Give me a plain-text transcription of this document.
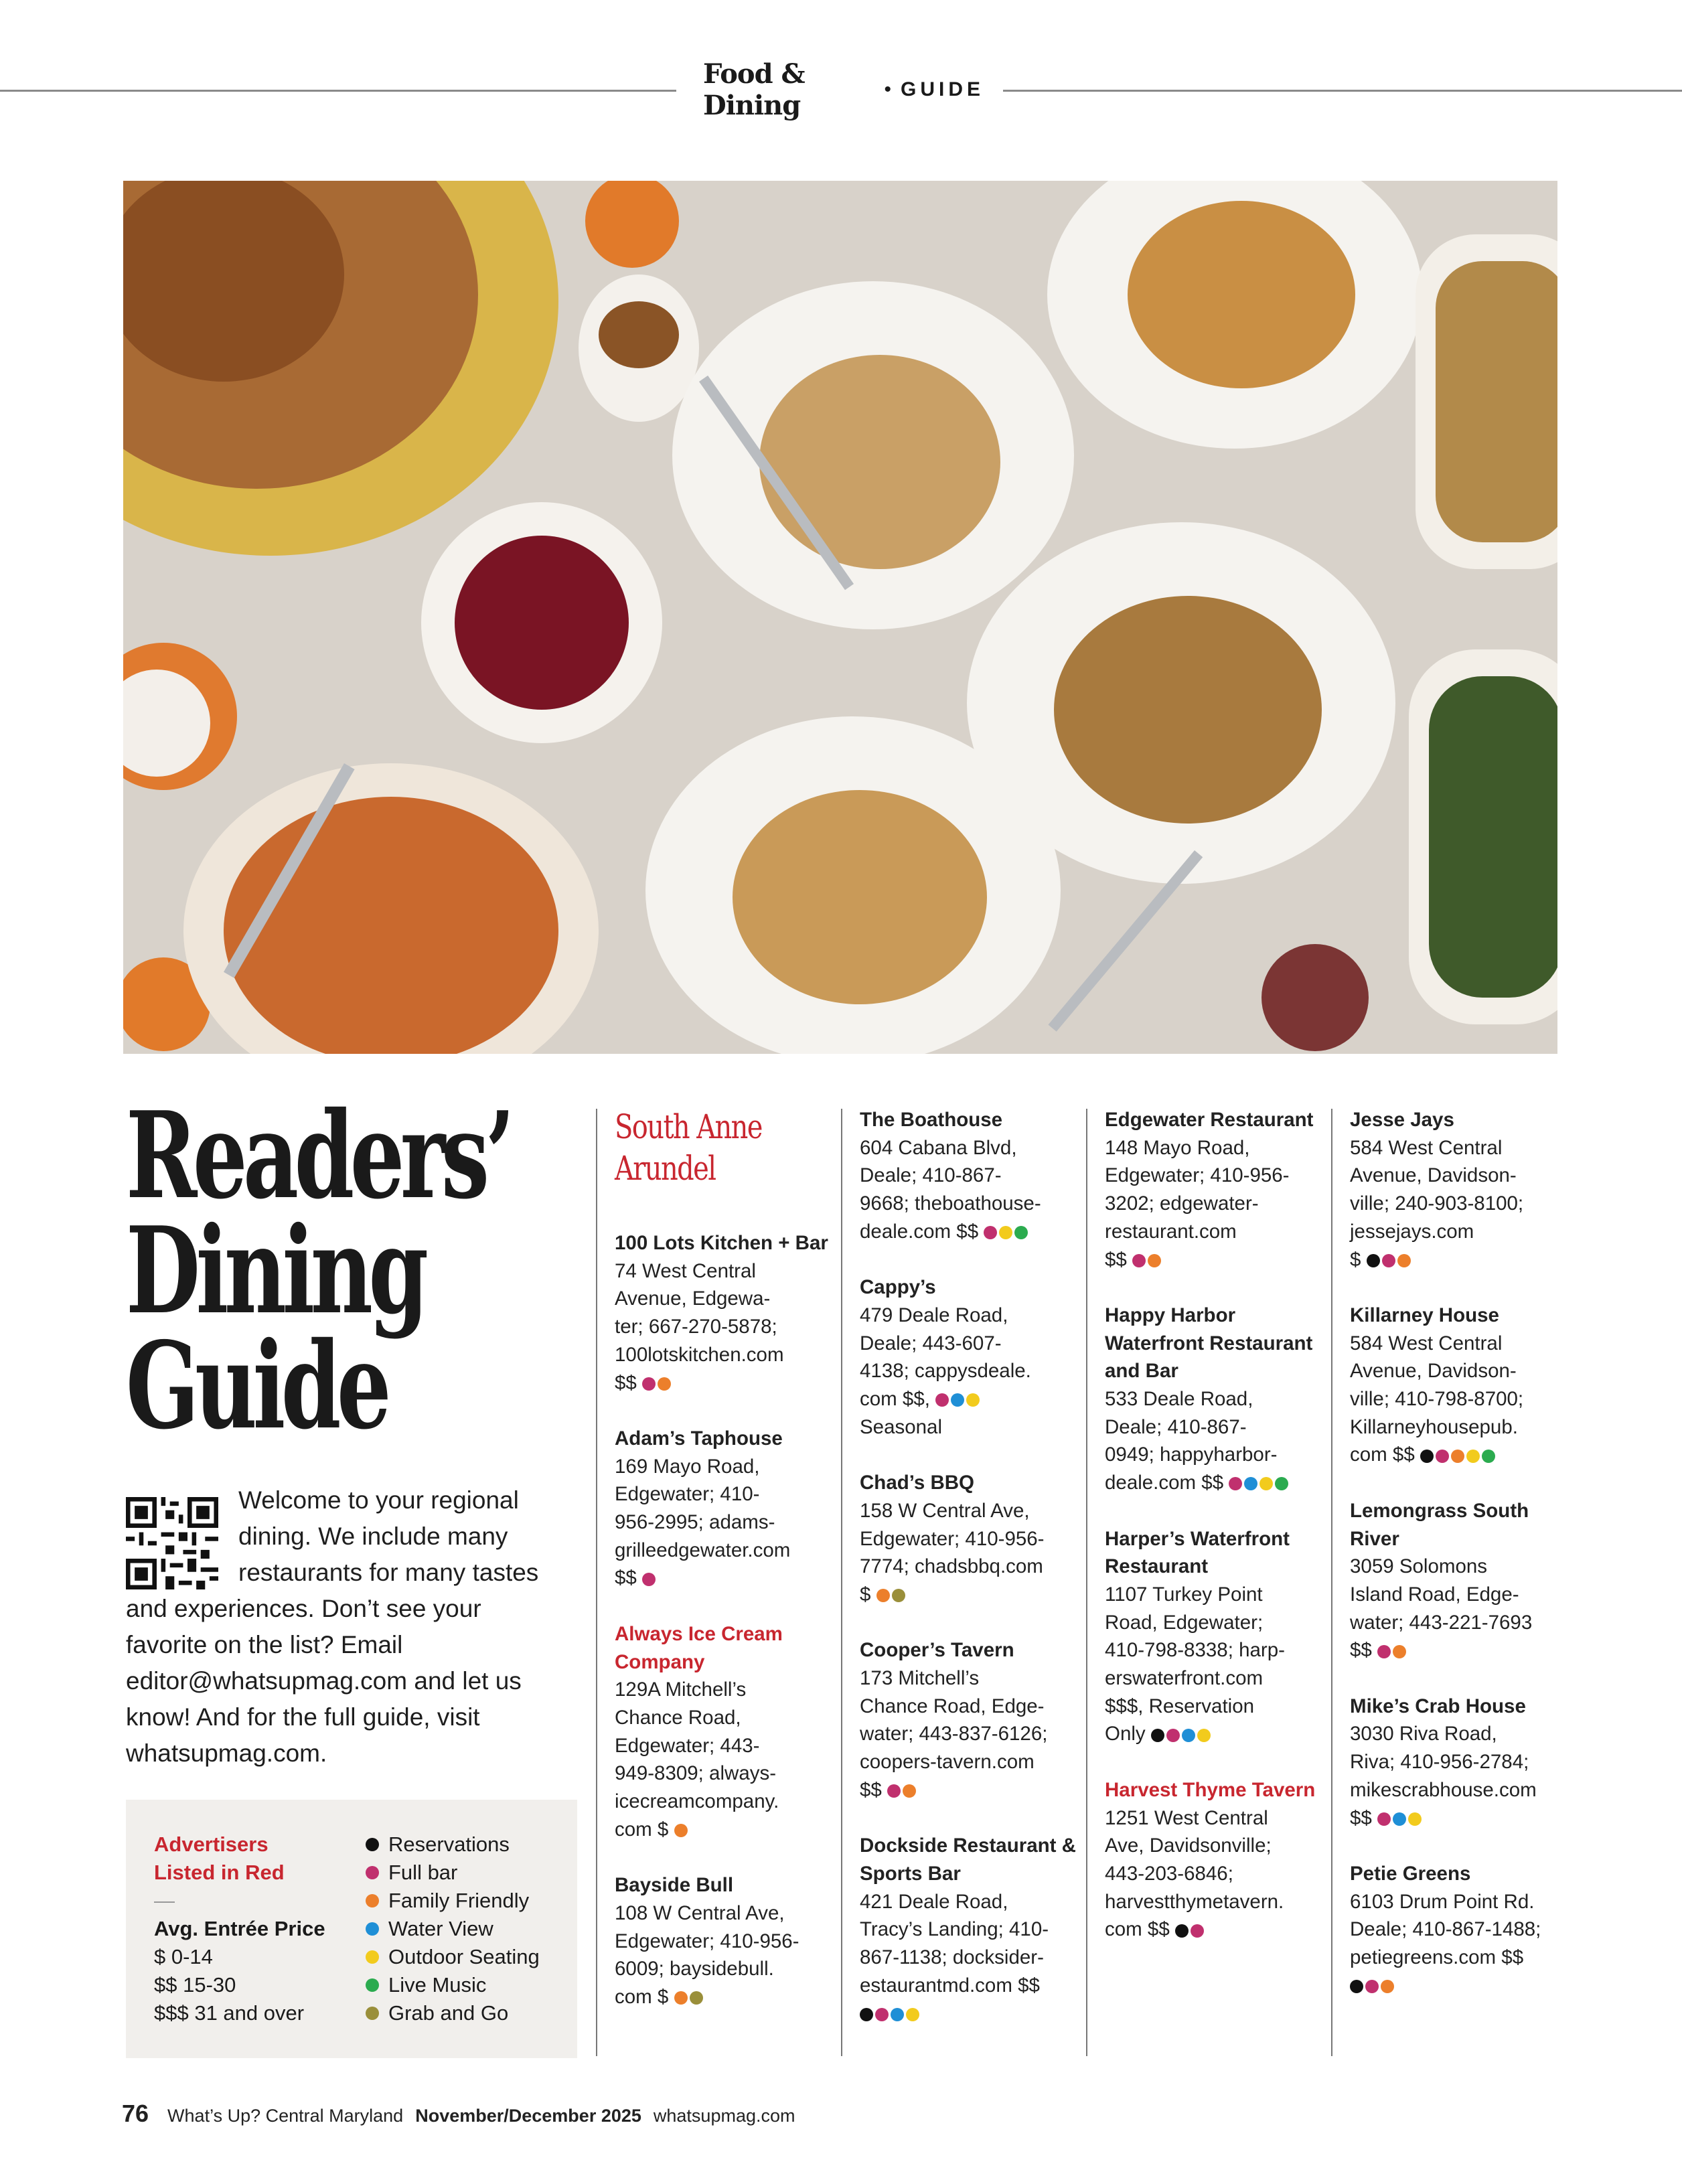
Food & Dining
• GUIDE
Readers’
Dining
Guide
Welcome to your regional dining. We include many restaurants for many tastes and experiences. Don’t see your favorite on the list? Email editor@whatsupmag.com and let us know! And for the full guide, visit whatsupmag.com.
Advertisers
Listed in Red
—
Avg. Entrée Price
$ 0-14
$$ 15-30
$$$ 31 and over
Reservations
Full bar
Family Friendly
Water View
Outdoor Seating
Live Music
Grab and Go
South Anne
Arundel
100 Lots Kitchen + Bar
74 West Central
Avenue, Edgewa-
ter; 667-270-5878;
100lotskitchen.com
$$
Adam’s Taphouse
169 Mayo Road,
Edgewater; 410-
956-2995; adams-
grilleedgewater.com
$$
Always Ice Cream Company
129A Mitchell’s
Chance Road,
Edgewater; 443-
949-8309; always-
icecreamcompany.
com $
Bayside Bull
108 W Central Ave,
Edgewater; 410-956-
6009; baysidebull.
com $
The Boathouse
604 Cabana Blvd,
Deale; 410-867-
9668; theboathouse-
deale.com $$
Cappy’s
479 Deale Road,
Deale; 443-607-
4138; cappysdeale.
com $$,
Seasonal
Chad’s BBQ
158 W Central Ave,
Edgewater; 410-956-
7774; chadsbbq.com
$
Cooper’s Tavern
173 Mitchell’s
Chance Road, Edge-
water; 443-837-6126;
coopers-tavern.com
$$
Dockside Restaurant & Sports Bar
421 Deale Road,
Tracy’s Landing; 410-
867-1138; docksider-
estaurantmd.com $$
Edgewater Restaurant
148 Mayo Road,
Edgewater; 410-956-
3202; edgewater-
restaurant.com
$$
Happy Harbor Waterfront Restaurant and Bar
533 Deale Road,
Deale; 410-867-
0949; happyharbor-
deale.com $$
Harper’s Waterfront Restaurant
1107 Turkey Point
Road, Edgewater;
410-798-8338; harp-
erswaterfront.com
$$$, Reservation
Only
Harvest Thyme Tavern
1251 West Central
Ave, Davidsonville;
443-203-6846;
harvestthymetavern.
com $$
Jesse Jays
584 West Central
Avenue, Davidson-
ville; 240-903-8100;
jessejays.com
$
Killarney House
584 West Central
Avenue, Davidson-
ville; 410-798-8700;
Killarneyhousepub.
com $$
Lemongrass South River
3059 Solomons
Island Road, Edge-
water; 443-221-7693
$$
Mike’s Crab House
3030 Riva Road,
Riva; 410-956-2784;
mikescrabhouse.com
$$
Petie Greens
6103 Drum Point Rd.
Deale; 410-867-1488;
petiegreens.com $$
76 What’s Up? Central Maryland November/December 2025 whatsupmag.com
